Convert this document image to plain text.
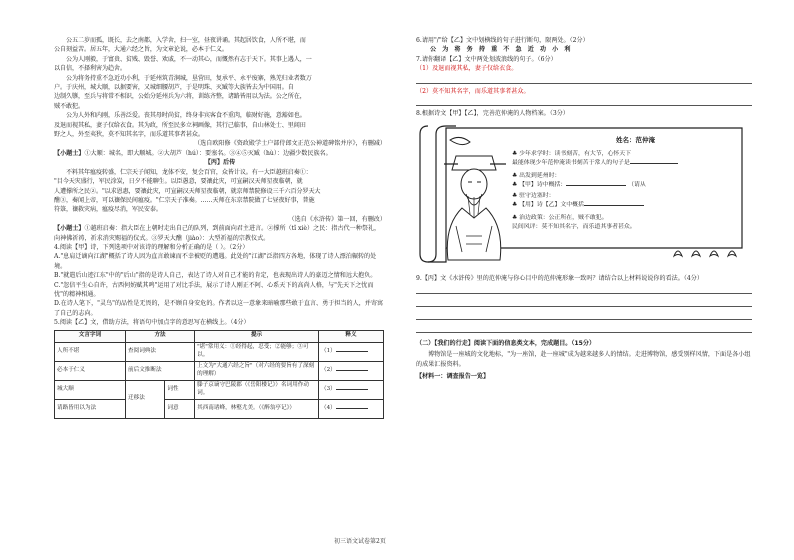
公五二岁而孤，既长，去之南都，入学舍，扫一室，昼夜讲诵。其起居饮食，人所不堪，而

公自刻益苦。居五年，大通六经之旨，为文章论说，必本于仁义。

公为人刚毅，于富贵、贫贱、毁誉、欢戚，不一动其心，而慨然有志于天下。其事上遇人，一

以自信，不择利害为趋舍。

公为将务持重不急近功小利，于延州筑青涧城，垦营田，复承平、永平废寨，熟羌归业者数万

户。于庆州，城大顺，以据要害，又城细腰胡芦，于是明珠、灭臧等大族皆去为中国用。自

边制久隳，至兵与将常不相识，公始分延州兵为六将，训练齐整，诸路皆用以为法。公之所在，

贼不敢犯。

公为人外和内刚，乐善泛爱。丧其母时尚贫，终身非宾客食不重肉，临财好施，意豁如也。

及退而视其私，妻子仅给衣食。其为政，所至民多立祠画像，其行己临事，自山林处士、里闾田

野之人，外至夷狄，莫不知其名字，而乐道其事者甚众。

（选自欧阳修《资政殿学士户部侍郎文正范公神道碑铭并序》，有删减）

【小题士】①大顺：城名，即大顺城。②大胡芦（hú）：要塞名。③④⑤灭臧（hù）：边疆少数民族名。

【丙】后传

不料其年瘟疫转盛，仁宗天子闻知，龙体不安，复会百官，众皆计议。有一大臣越班启奏①：

"目今天灾盛行，军民涂炭，日夕不能聊生。以臣愚意，要禳此灾，可宣嗣汉天师星夜临朝，就

人遭撑所之民②。"以求恩惠，要禳此灾，可宣嗣汉天师星夜临朝，就京师禁院修设三千六百分罗天大

醮③，奏闻上帝，可以禳保民间瘟疫。"仁宗天子准奏。……天师在东京禁院做了七昼夜好事，普施

符箓，禳救灾病，瘟疫尽消，军民安泰。

（选自《水浒传》第一回，有删改）

【小题士】①越班启奏：指大臣在上朝时走出自己的队列，到前面向君主进言。②撑所（tǐ xiè）之民：指古代一种祭礼，向神佛祈祷，祈求消灾赐福的仪式。③罗天大醮（jiào）：大型祈福的宗教仪式。

4.阅读【甲】诗，下列选项中对该诗的理解和分析正确的是（ ）。（2分）

A."息肩迁谪向江湖"概括了诗人因为直言敢谏而不幸被贬的遭遇。此处的"江湖"泛指四方各地，体现了诗人漂泊辗转的处境。

B."就遣后山迹江东"中的"后山"指的是诗人自己，表达了诗人对自己才能的肯定，也表现出诗人的豪迈之情和远大抱负。

C."忽信平生心自许，古西何妨赋其鸣"运用了对比手法，展示了诗人刚正不阿、心系天下的高尚人格，与"先天下之忧而忧"的精神相通。

D.在诗人笔下，"灵鸟"的品性是无畏的，是不顾自身安危的。作者以这一意象来暗喻那些敢于直言、勇于担当的人，并寄寓了自己的志向。

5.阅读【乙】文，借助方法，将语句中加点字的意思写在横线上。（4分）

文言字词	方法		提示	释义
人所不堪	查阅词典法		"堪"常用义：①经得起，忍受；②能够；③可以。	（1）
必本于仁义	前后文推断法		上文为"大通六经之旨"（对六经的要旨有了深刻的理解）	（2）
城大顺	迁移法	词性	滕子京谪守巴陵郡（《岳阳楼记》）名词用作动词。	（3）
请路皆用以为法		词意	其西南诸峰，林壑尤美。（《醉翁亭记》）	（4）

6.请用"/"给【乙】文中划横线的句子进行断句，限两处。（2分）

公 为 将 务 持 重 不 急 近 功 小 利

7.请你翻译【乙】文中两处划波浪线的句子。（6分）

（1）及退而视其私，妻子仅给衣食。

（2）莫不知其名字，而乐道其事者甚众。

8.根据诗文【甲】【乙】，完善范仲淹的人物档案。（3分）

姓名：范仲淹
♣ 少年求学时：读书刻苦，有大节，心怀天下
最能体现少年范仲淹读书刻苦于常人的句子是
♣ 出发到延州时：
♣ 【甲】诗中概括：	（请从
♣ 驻守边塞时：
♣ 【用】诗【乙】文中概括
♣ 治边政策：公正所在，贼不敢犯。
民间风评：莫不知其名字，而乐道其事者甚众。

9.【丙】文《水浒传》里的范仲淹与你心目中的范仲淹形象一致吗？请结合以上材料说说你的看法。（4分）

（二）【我们的行走】阅读下面的信息类文本，完成题目。（15分）

博物馆是一座城的文化地标，"为一座馆，赴一座城"成为越来越多人的情结。走进博物馆，感受别样风情，下面是各小组的成果汇报资料。

【材料一：调查报告一览】

初三语文试卷第2页
